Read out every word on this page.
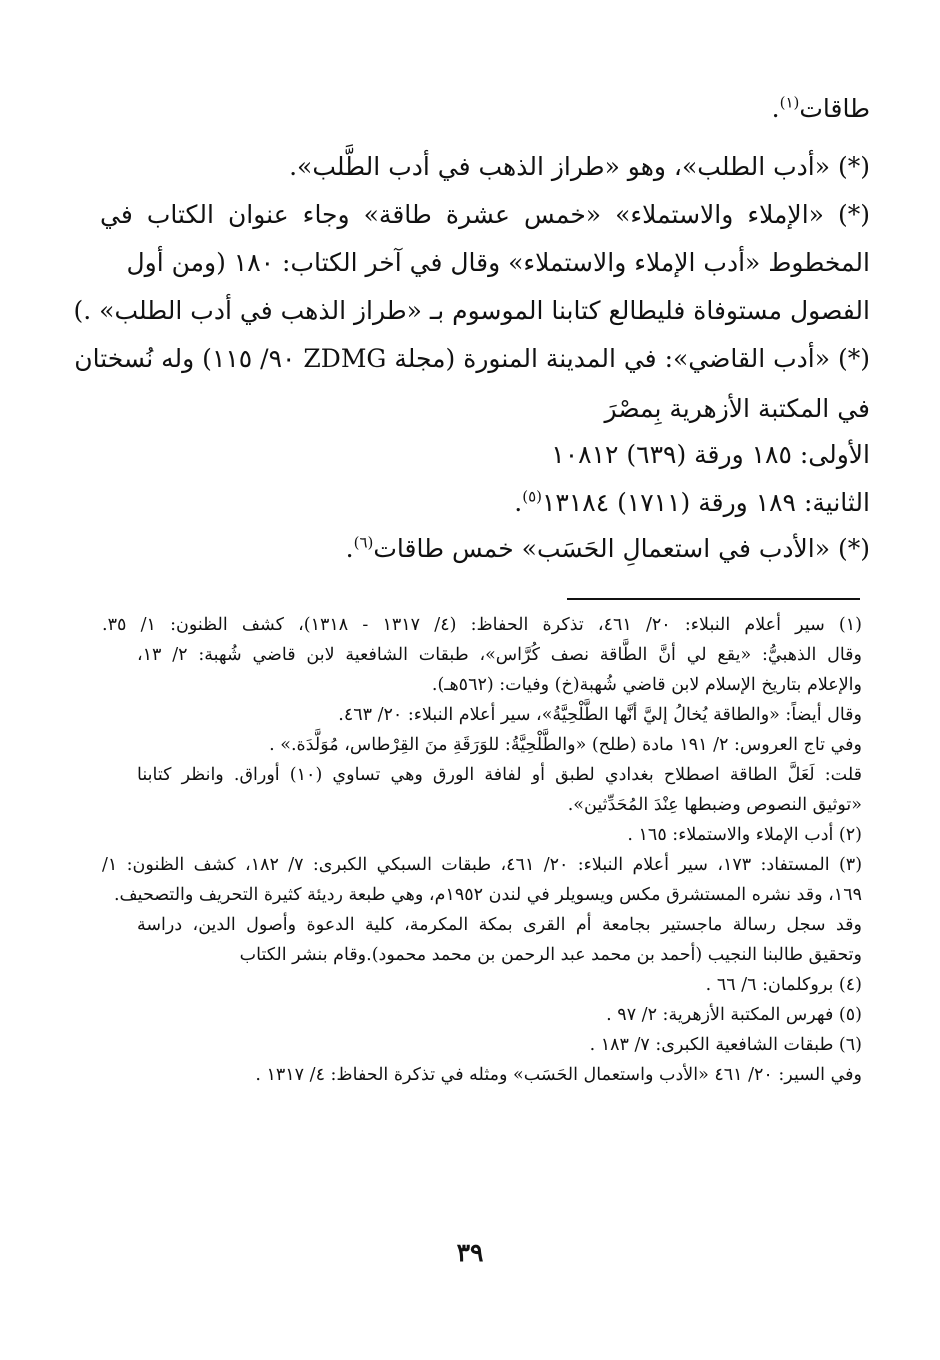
طاقات$^{(١)}$.
(*) «أدب الطلب»، وهو «طراز الذهب في أدب الطَّلب».
(*) «الإملاء والاستملاء» «خمس عشرة طاقة» وجاء عنوان الكتاب في
المخطوط «أدب الإملاء والاستملاء» وقال في آخر الكتاب: ١٨٠ (ومن أول
الفصول مستوفاة فليطالع كتابنا الموسوم بـ «طراز الذهب في أدب الطلب» .)
(*) «أدب القاضي»: في المدينة المنورة (مجلة ZDMG ٩٠/ ١١٥) وله نُسختان
في المكتبة الأزهرية بِمصْرَ
الأولى: ١٨٥ ورقة (٦٣٩) ١٠٨١٢
الثانية: ١٨٩ ورقة (١٧١١) ١٣١٨٤$^{(٥)}$.
(*) «الأدب في استعمالِ الحَسَب» خمس طاقات$^{(٦)}$.
(١) سير أعلام النبلاء: ٢٠/ ٤٦١، تذكرة الحفاظ: (٤/ ١٣١٧ - ١٣١٨)، كشف الظنون: ١/ ٣٥.
وقال الذهبيُّ: «يقع لي أنَّ الطَّاقة نصف كُرَّاس»، طبقات الشافعية لابن قاضي شُهبة: ٢/ ١٣،
والإعلام بتاريخ الإسلام لابن قاضي شُهبة(خ) وفيات: (٥٦٢هـ).
وقال أيضاً: «والطاقة يُخالُ إليَّ أنَّها الطَّلْحِيَّةُ»، سير أعلام النبلاء: ٢٠/ ٤٦٣.
وفي تاج العروس: ٢/ ١٩١ مادة (طلح) «والطَّلْحِيَّةُ: للوَرَقَةِ منَ القِرْطاس، مُوَلَّدَة.» .
قلت: لَعَلَّ الطاقة اصطلاح بغدادي لطبق أو لفافة الورق وهي تساوي (١٠) أوراق. وانظر كتابنا
«توثيق النصوص وضبطها عِنْدَ المُحَدِّثين».
(٢) أدب الإملاء والاستملاء: ١٦٥ .
(٣) المستفاد: ١٧٣، سير أعلام النبلاء: ٢٠/ ٤٦١، طبقات السبكي الكبرى: ٧/ ١٨٢، كشف الظنون: ١/
١٦٩، وقد نشره المستشرق مكس ويسويلر في لندن ١٩٥٢م، وهي طبعة رديئة كثيرة التحريف والتصحيف.
وقد سجل رسالة ماجستير بجامعة أم القرى بمكة المكرمة، كلية الدعوة وأصول الدين، دراسة
وتحقيق طالبنا النجيب (أحمد بن محمد عبد الرحمن بن محمد محمود).وقام بنشر الكتاب
(٤) بروكلمان: ٦/ ٦٦ .
(٥) فهرس المكتبة الأزهرية: ٢/ ٩٧ .
(٦) طبقات الشافعية الكبرى: ٧/ ١٨٣ .
وفي السير: ٢٠/ ٤٦١ «الأدب واستعمال الحَسَب» ومثله في تذكرة الحفاظ: ٤/ ١٣١٧ .
٣٩
